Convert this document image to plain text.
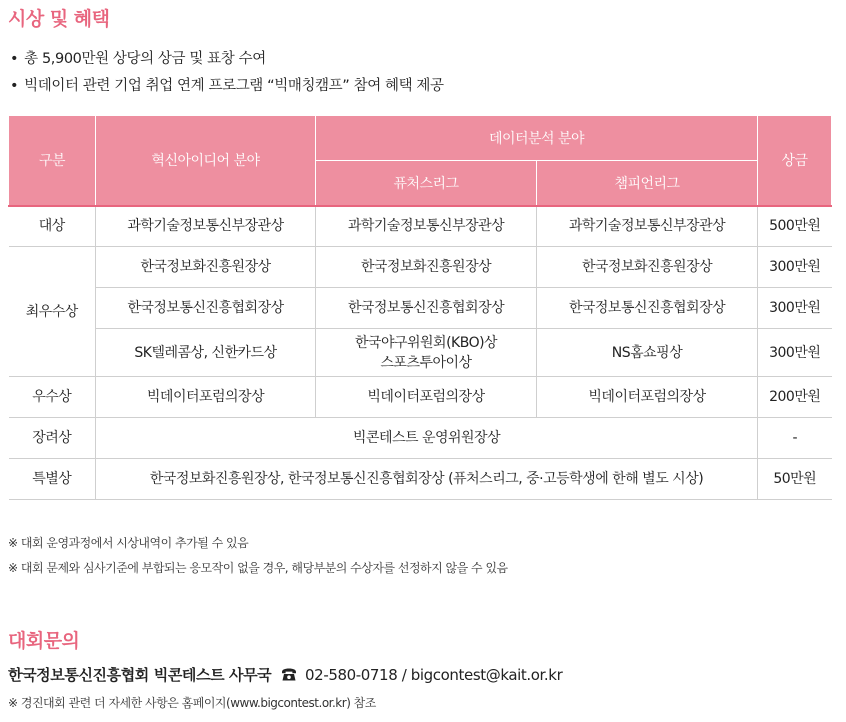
시상 및 혜택
• 총 5,900만원 상당의 상금 및 표창 수여
• 빅데이터 관련 기업 취업 연계 프로그램 “빅매칭캠프” 참여 혜택 제공
구분	혁신아이디어 분야	데이터분석 분야		상금
		퓨처스리그	챔피언리그	
대상	과학기술정보통신부장관상	과학기술정보통신부장관상	과학기술정보통신부장관상	500만원
최우수상	한국정보화진흥원장상	한국정보화진흥원장상	한국정보화진흥원장상	300만원
	한국정보통신진흥협회장상	한국정보통신진흥협회장상	한국정보통신진흥협회장상	300만원
	SK텔레콤상, 신한카드상	한국야구위원회(KBO)상
스포츠투아이상	NS홈쇼핑상	300만원
우수상	빅데이터포럼의장상	빅데이터포럼의장상	빅데이터포럼의장상	200만원
장려상	빅콘테스트 운영위원장상			-
특별상	한국정보화진흥원장상, 한국정보통신진흥협회장상 (퓨처스리그, 중·고등학생에 한해 별도 시상)			50만원
※ 대회 운영과정에서 시상내역이 추가될 수 있음
※ 대회 문제와 심사기준에 부합되는 응모작이 없을 경우, 해당부분의 수상자를 선정하지 않을 수 있음
대회문의
한국정보통신진흥협회 빅콘테스트 사무국 02-580-0718 / bigcontest@kait.or.kr
※ 경진대회 관련 더 자세한 사항은 홈페이지(www.bigcontest.or.kr) 참조
